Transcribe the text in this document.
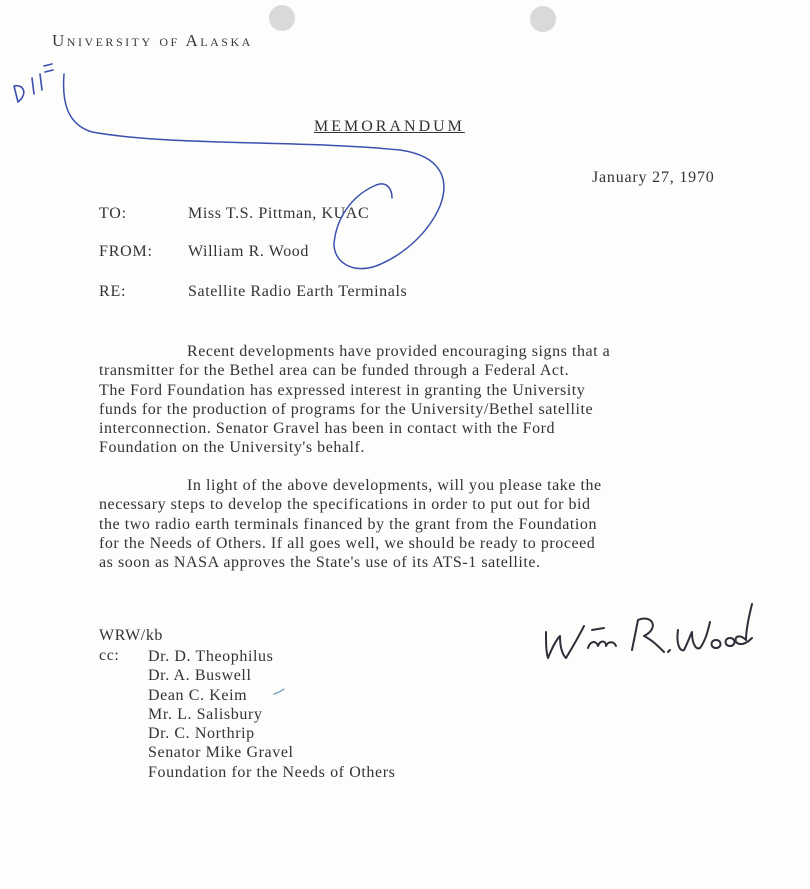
University of Alaska
MEMORANDUM
January 27, 1970
TO:	Miss T.S. Pittman, KUAC
FROM: William R. Wood
RE:	Satellite Radio Earth Terminals
Recent developments have provided encouraging signs that a
transmitter for the Bethel area can be funded through a Federal Act.
The Ford Foundation has expressed interest in granting the University
funds for the production of programs for the University/Bethel satellite
interconnection. Senator Gravel has been in contact with the Ford
Foundation on the University's behalf.
In light of the above developments, will you please take the
necessary steps to develop the specifications in order to put out for bid
the two radio earth terminals financed by the grant from the Foundation
for the Needs of Others. If all goes well, we should be ready to proceed
as soon as NASA approves the State's use of its ATS-1 satellite.
WRW/kb
cc: Dr. D. Theophilus
Dr. A. Buswell
Dean C. Keim
Mr. L. Salisbury
Dr. C. Northrip
Senator Mike Gravel
Foundation for the Needs of Others
